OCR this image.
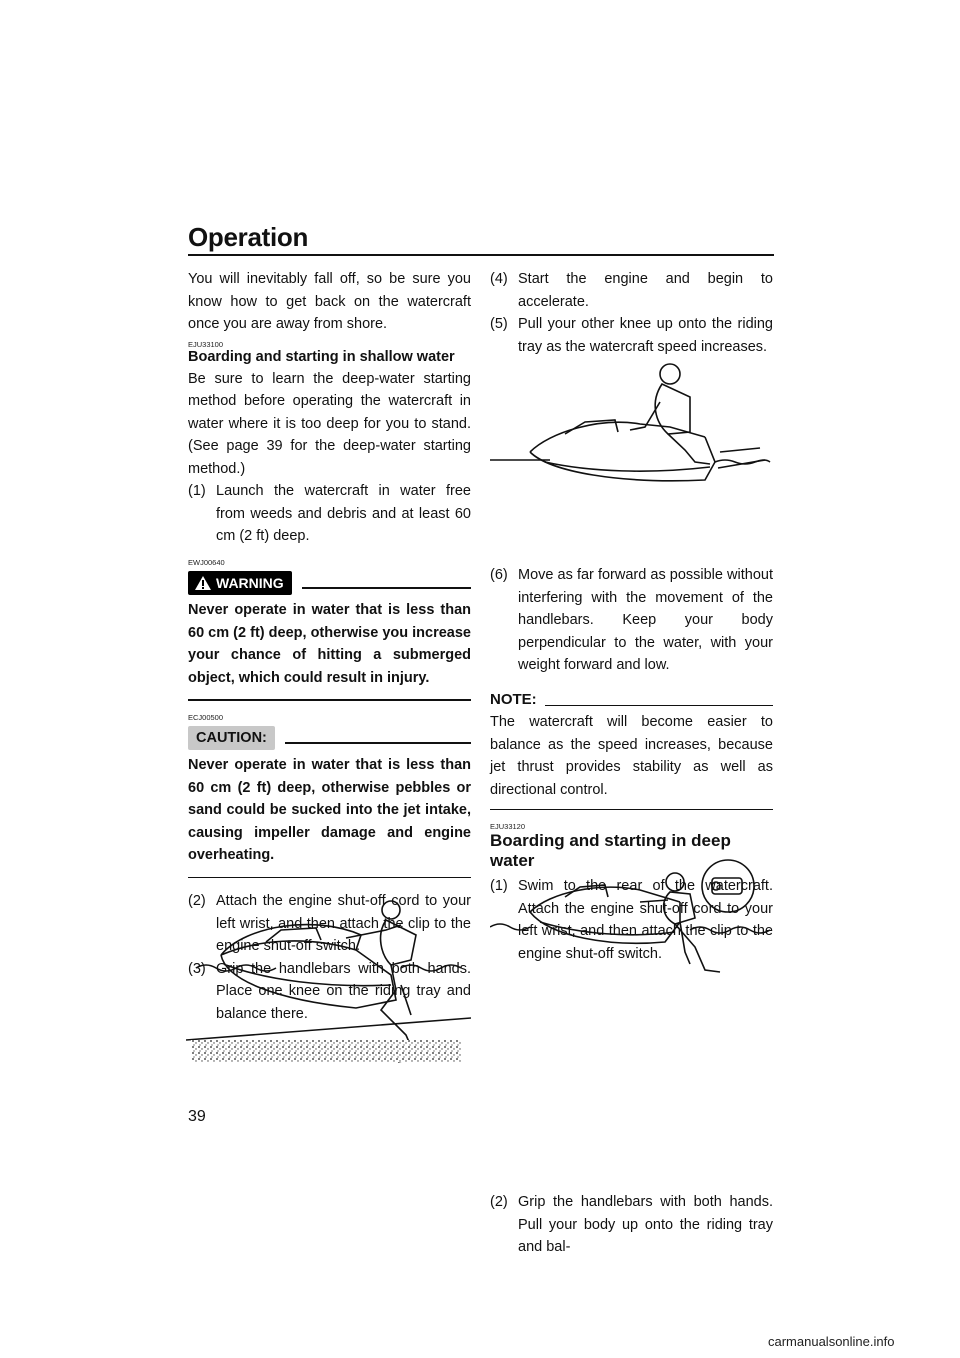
Operation

You will inevitably fall off, so be sure you know how to get back on the watercraft once you are away from shore.

EJU33100
Boarding and starting in shallow water

Be sure to learn the deep-water starting method before operating the watercraft in water where it is too deep for you to stand. (See page 39 for the deep-water starting method.)

(1) Launch the watercraft in water free from weeds and debris and at least 60 cm (2 ft) deep.
EWJ00640
WARNING

Never operate in water that is less than 60 cm (2 ft) deep, otherwise you increase your chance of hitting a submerged object, which could result in injury.

ECJ00500
CAUTION:

Never operate in water that is less than 60 cm (2 ft) deep, otherwise pebbles or sand could be sucked into the jet intake, causing impeller damage and engine overheating.

(2) Attach the engine shut-off cord to your left wrist, and then attach the clip to the engine shut-off switch.
(3) Grip the handlebars with both hands. Place one knee on the riding tray and balance there.
(4) Start the engine and begin to accelerate.
(5) Pull your other knee up onto the riding tray as the watercraft speed increases.
(6) Move as far forward as possible without interfering with the movement of the handlebars. Keep your body perpendicular to the water, with your weight forward and low.
NOTE:

The watercraft will become easier to balance as the speed increases, because jet thrust provides stability as well as directional control.

EJU33120
Boarding and starting in deep water
(1) Swim to the rear of the watercraft. Attach the engine shut-off cord to your left wrist, and then attach the clip to the engine shut-off switch.
(2) Grip the handlebars with both hands. Pull your body up onto the riding tray and bal-
39
carmanualsonline.info
